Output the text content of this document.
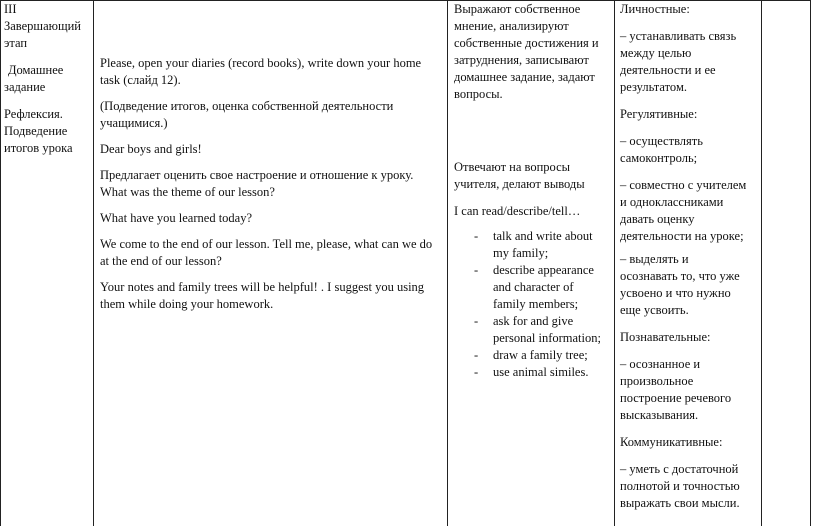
III
Завершающий
этап

Домашнее
задание

Рефлексия.
Подведение
итогов урока

Please, open your diaries (record books), write down your home
task (слайд 12).

(Подведение итогов, оценка собственной деятельности
учащимися.)

Dear boys and girls!

Предлагает оценить свое настроение и отношение к уроку.
What was the theme of our lesson?

What have you learned today?

We come to the end of our lesson. Tell me, please, what can we do
at the end of our lesson?

Your notes and family trees will be helpful! . I suggest you using
them while doing your homework.

Выражают собственное
мнение, анализируют
собственные достижения и
затруднения, записывают
домашнее задание, задают
вопросы.

Отвечают на вопросы
учителя, делают выводы

I can read/describe/tell…

- talk and write about
my family;
- describe appearance
and character of
family members;
- ask for and give
personal information;
- draw a family tree;
- use animal similes.

Личностные:

– устанавливать связь
между целью
деятельности и ее
результатом.

Регулятивные:

– осуществлять
самоконтроль;

– совместно с учителем
и одноклассниками
давать оценку
деятельности на уроке;

– выделять и
осознавать то, что уже
усвоено и что нужно
еще усвоить.

Познавательные:

– осознанное и
произвольное
построение речевого
высказывания.

Коммуникативные:

– уметь с достаточной
полнотой и точностью
выражать свои мысли.
